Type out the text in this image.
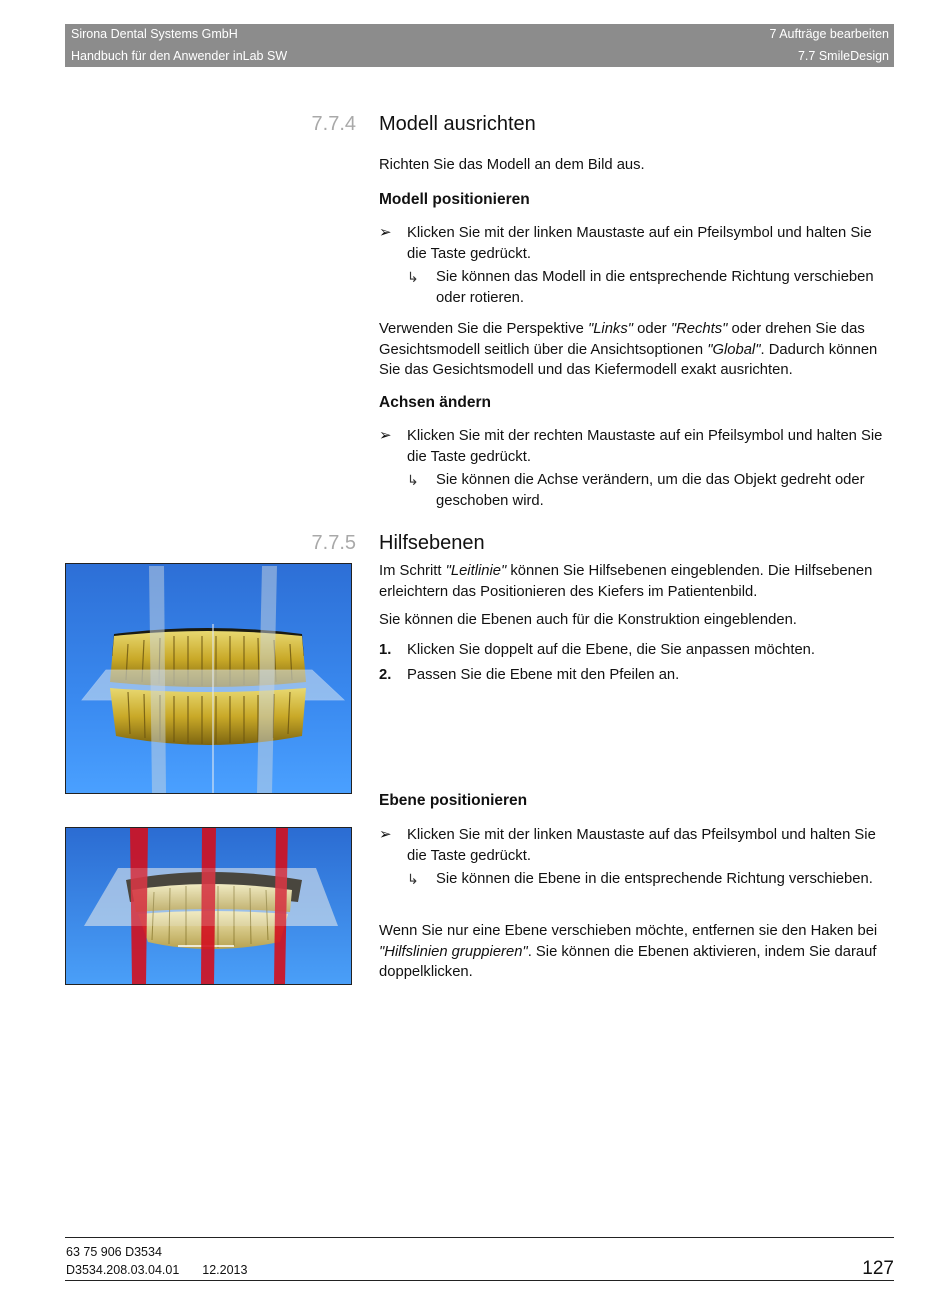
Sirona Dental Systems GmbH	7 Aufträge bearbeiten
Handbuch für den Anwender inLab SW	7.7 SmileDesign
7.7.4 Modell ausrichten

Richten Sie das Modell an dem Bild aus.

Modell positionieren
➢ Klicken Sie mit der linken Maustaste auf ein Pfeilsymbol und halten Sie die Taste gedrückt.
↳ Sie können das Modell in die entsprechende Richtung verschieben oder rotieren.

Verwenden Sie die Perspektive "Links" oder "Rechts" oder drehen Sie das Gesichtsmodell seitlich über die Ansichtsoptionen "Global". Dadurch können Sie das Gesichtsmodell und das Kiefermodell exakt ausrichten.

Achsen ändern
➢ Klicken Sie mit der rechten Maustaste auf ein Pfeilsymbol und halten Sie die Taste gedrückt.
↳ Sie können die Achse verändern, um die das Objekt gedreht oder geschoben wird.
7.7.5 Hilfsebenen

Im Schritt "Leitlinie" können Sie Hilfsebenen eingeblenden. Die Hilfsebenen erleichtern das Positionieren des Kiefers im Patientenbild.

Sie können die Ebenen auch für die Konstruktion eingeblenden.

1. Klicken Sie doppelt auf die Ebene, die Sie anpassen möchten.
2. Passen Sie die Ebene mit den Pfeilen an.
Ebene positionieren
➢ Klicken Sie mit der linken Maustaste auf das Pfeilsymbol und halten Sie die Taste gedrückt.
↳ Sie können die Ebene in die entsprechende Richtung verschieben.

Wenn Sie nur eine Ebene verschieben möchte, entfernen sie den Haken bei "Hilfslinien gruppieren". Sie können die Ebenen aktivieren, indem Sie darauf doppelklicken.

63 75 906 D3534
D3534.208.03.04.01 12.2013	127
